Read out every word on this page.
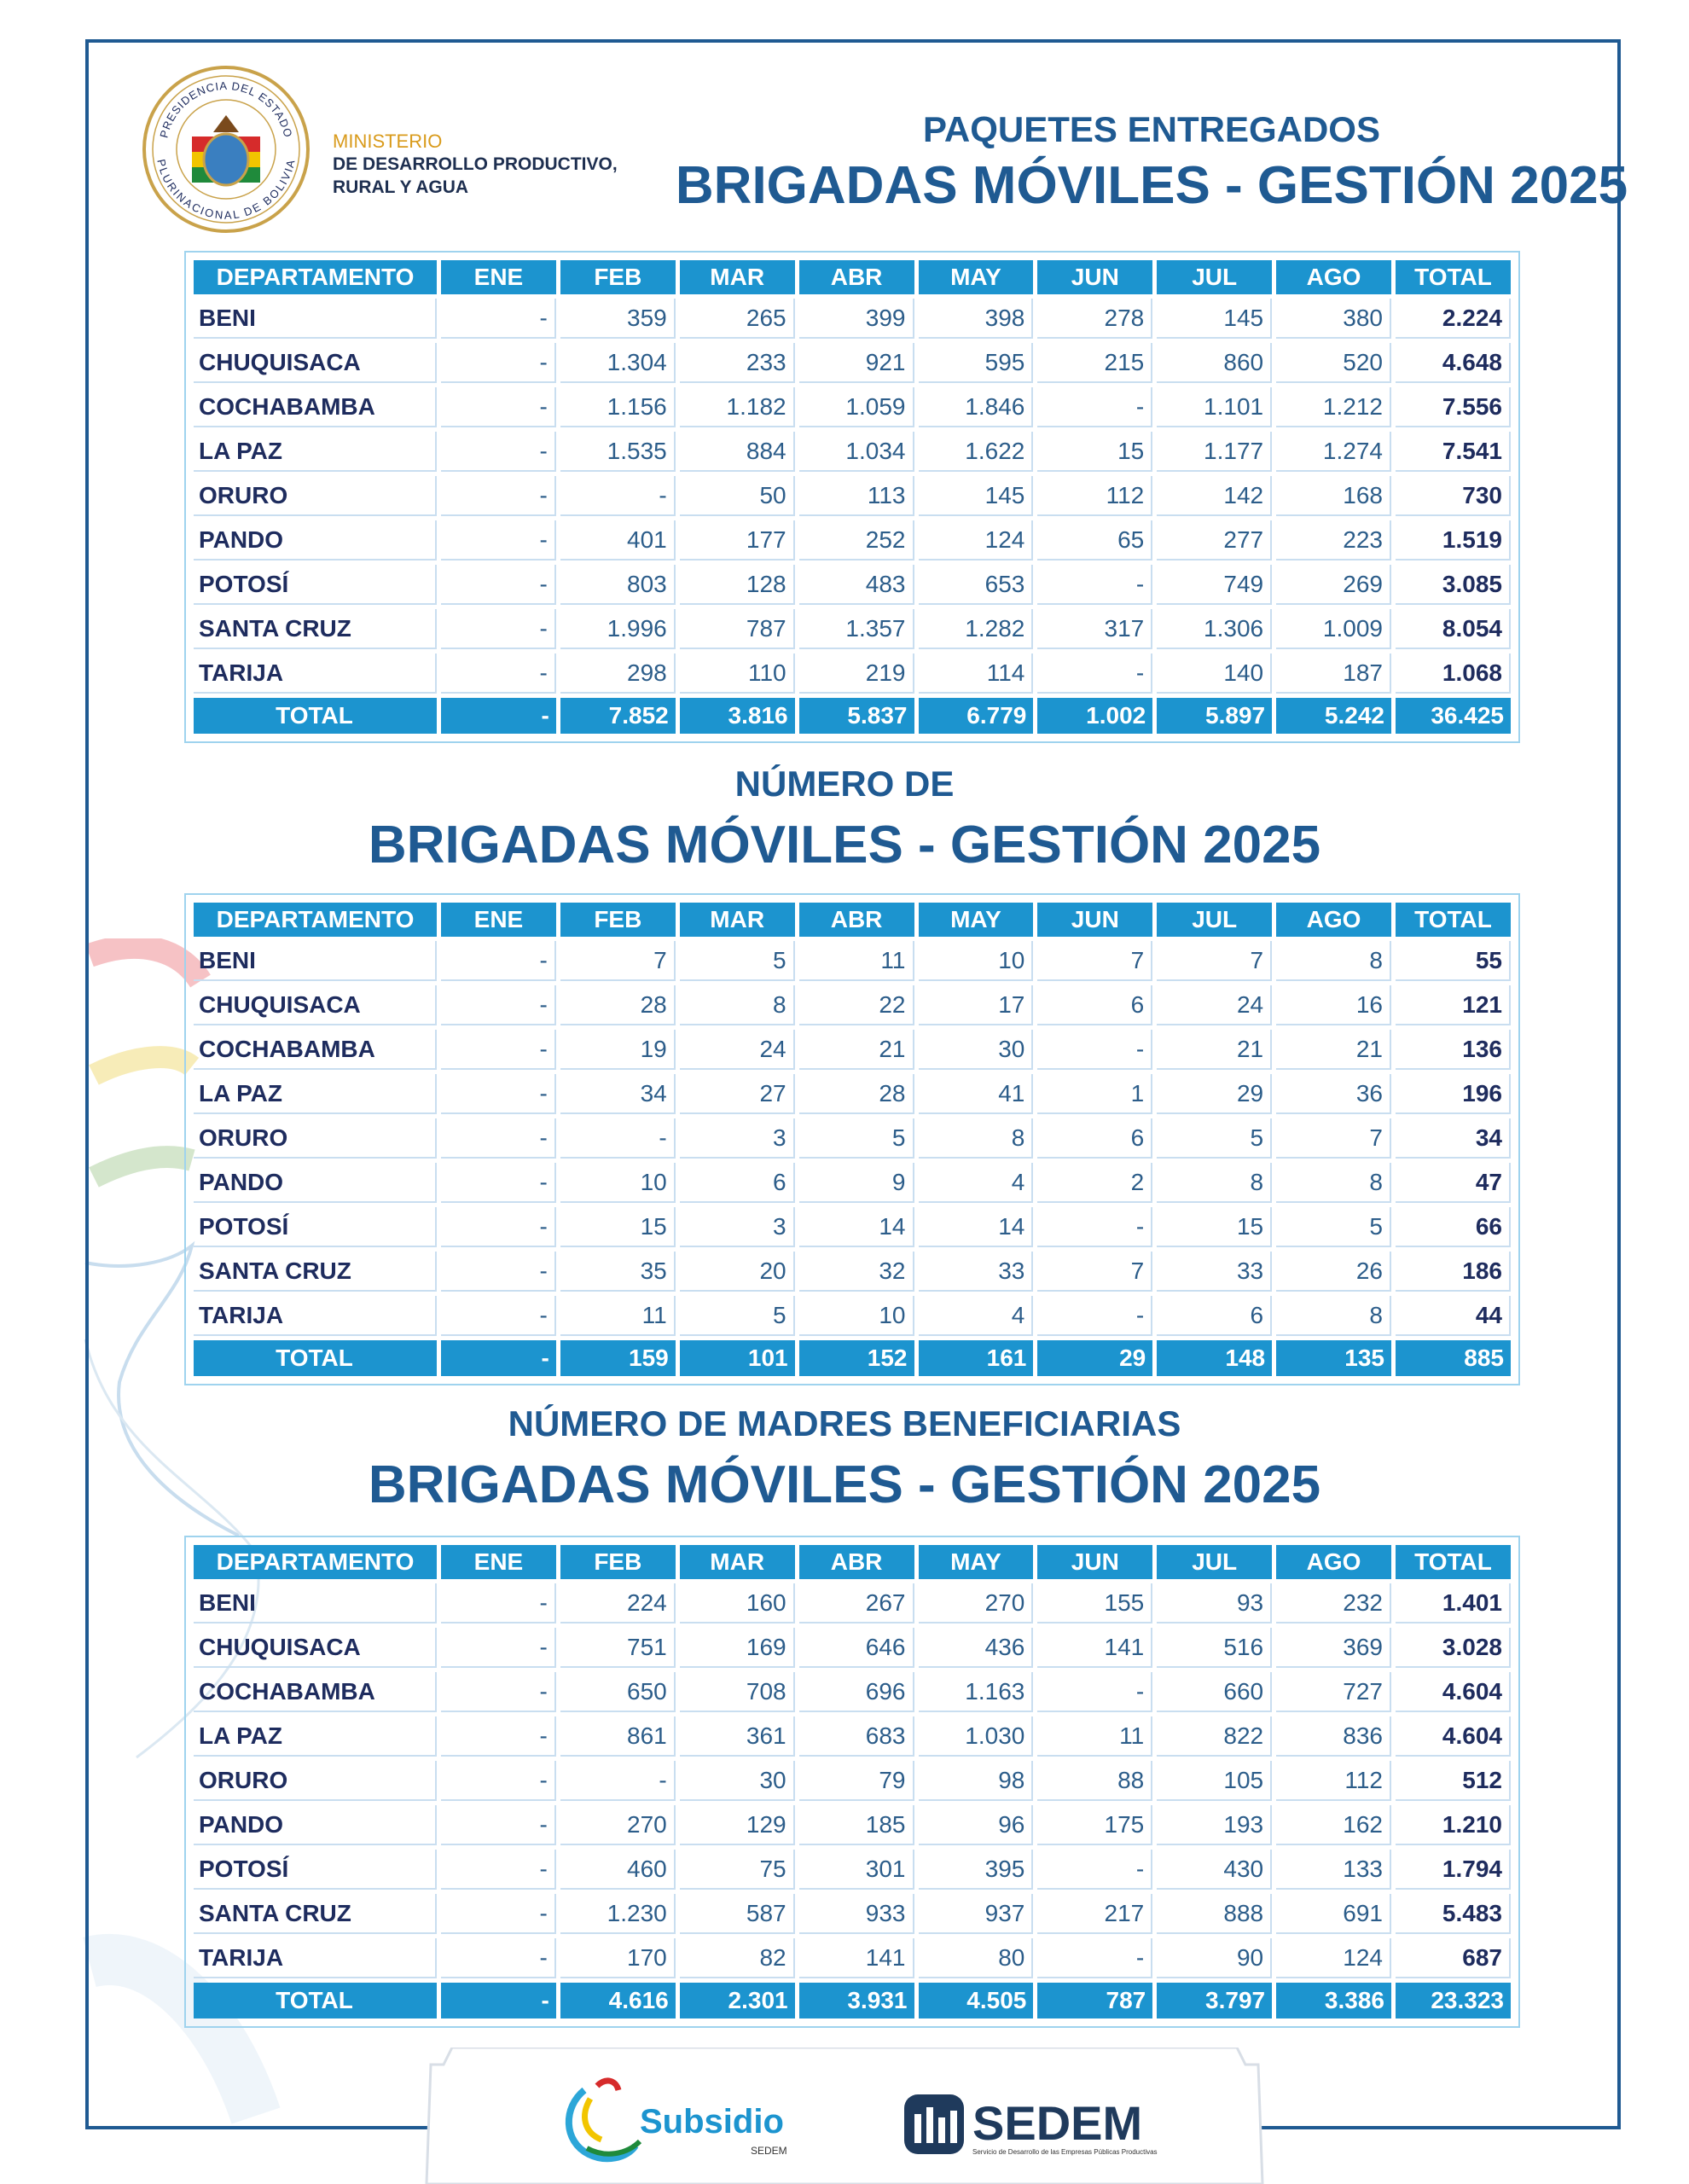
PRESIDENCIA DEL ESTADO
PLURINACIONAL DE BOLIVIA
MINISTERIO
DE DESARROLLO PRODUCTIVO,
RURAL Y AGUA
PAQUETES ENTREGADOS
BRIGADAS MÓVILES - GESTIÓN 2025
DEPARTAMENTO	ENE	FEB	MAR	ABR	MAY	JUN	JUL	AGO	TOTAL
BENI	-	359	265	399	398	278	145	380	2.224
CHUQUISACA	-	1.304	233	921	595	215	860	520	4.648
COCHABAMBA	-	1.156	1.182	1.059	1.846	-	1.101	1.212	7.556
LA PAZ	-	1.535	884	1.034	1.622	15	1.177	1.274	7.541
ORURO	-	-	50	113	145	112	142	168	730
PANDO	-	401	177	252	124	65	277	223	1.519
POTOSÍ	-	803	128	483	653	-	749	269	3.085
SANTA CRUZ	-	1.996	787	1.357	1.282	317	1.306	1.009	8.054
TARIJA	-	298	110	219	114	-	140	187	1.068
TOTAL	-	7.852	3.816	5.837	6.779	1.002	5.897	5.242	36.425
NÚMERO DE
BRIGADAS MÓVILES - GESTIÓN 2025
DEPARTAMENTO	ENE	FEB	MAR	ABR	MAY	JUN	JUL	AGO	TOTAL
BENI	-	7	5	11	10	7	7	8	55
CHUQUISACA	-	28	8	22	17	6	24	16	121
COCHABAMBA	-	19	24	21	30	-	21	21	136
LA PAZ	-	34	27	28	41	1	29	36	196
ORURO	-	-	3	5	8	6	5	7	34
PANDO	-	10	6	9	4	2	8	8	47
POTOSÍ	-	15	3	14	14	-	15	5	66
SANTA CRUZ	-	35	20	32	33	7	33	26	186
TARIJA	-	11	5	10	4	-	6	8	44
TOTAL	-	159	101	152	161	29	148	135	885
NÚMERO DE MADRES BENEFICIARIAS
BRIGADAS MÓVILES - GESTIÓN 2025
DEPARTAMENTO	ENE	FEB	MAR	ABR	MAY	JUN	JUL	AGO	TOTAL
BENI	-	224	160	267	270	155	93	232	1.401
CHUQUISACA	-	751	169	646	436	141	516	369	3.028
COCHABAMBA	-	650	708	696	1.163	-	660	727	4.604
LA PAZ	-	861	361	683	1.030	11	822	836	4.604
ORURO	-	-	30	79	98	88	105	112	512
PANDO	-	270	129	185	96	175	193	162	1.210
POTOSÍ	-	460	75	301	395	-	430	133	1.794
SANTA CRUZ	-	1.230	587	933	937	217	888	691	5.483
TARIJA	-	170	82	141	80	-	90	124	687
TOTAL	-	4.616	2.301	3.931	4.505	787	3.797	3.386	23.323
Subsidio
SEDEM
SEDEM
Servicio de Desarrollo de las Empresas Públicas Productivas
